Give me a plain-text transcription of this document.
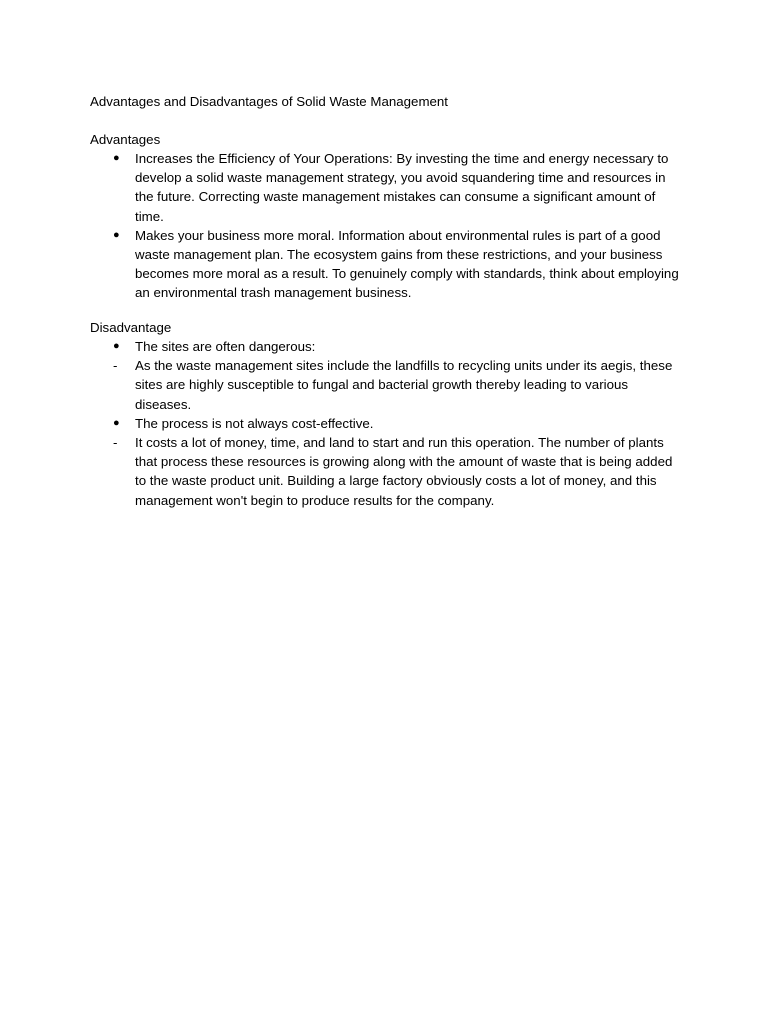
Advantages and Disadvantages of Solid Waste Management

Advantages

●	Increases the Efficiency of Your Operations: By investing the time and energy necessary to develop a solid waste management strategy, you avoid squandering time and resources in the future. Correcting waste management mistakes can consume a significant amount of time.
●	Makes your business more moral. Information about environmental rules is part of a good waste management plan. The ecosystem gains from these restrictions, and your business becomes more moral as a result. To genuinely comply with standards, think about employing an environmental trash management business.

Disadvantage

●	The sites are often dangerous:
-	As the waste management sites include the landfills to recycling units under its aegis, these sites are highly susceptible to fungal and bacterial growth thereby leading to various diseases.
●	The process is not always cost-effective.
-	It costs a lot of money, time, and land to start and run this operation. The number of plants that process these resources is growing along with the amount of waste that is being added to the waste product unit. Building a large factory obviously costs a lot of money, and this management won't begin to produce results for the company.
